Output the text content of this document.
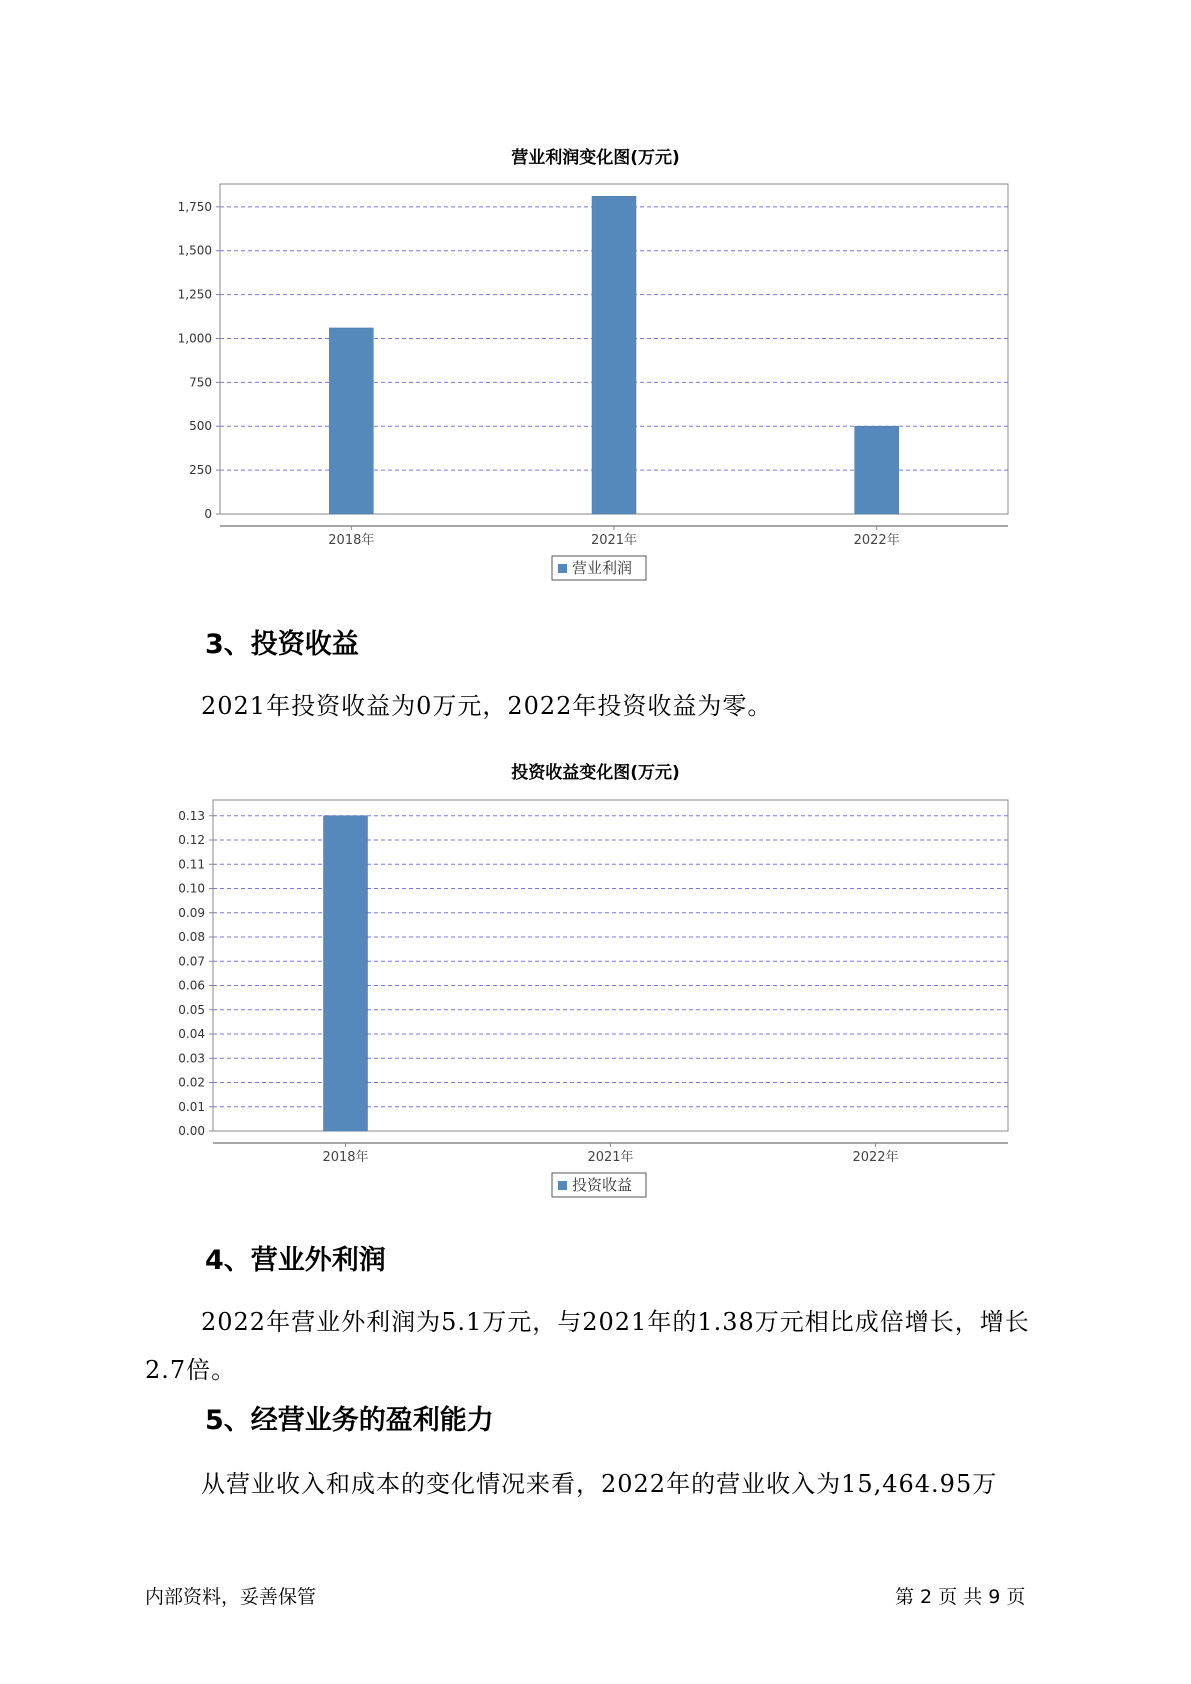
营业利润变化图(万元)
0
250
500
750
1,000
1,250
1,500
1,750
2018年	2021年	2022年
营业利润
3、投资收益

2021年投资收益为0万元，2022年投资收益为零。

投资收益变化图(万元)
0.00
0.01
0.02
0.03
0.04
0.05
0.06
0.07
0.08
0.09
0.10
0.11
0.12
0.13
2018年	2021年	2022年
投资收益
4、营业外利润

2022年营业外利润为5.1万元，与2021年的1.38万元相比成倍增长，增长2.7倍。

5、经营业务的盈利能力

从营业收入和成本的变化情况来看，2022年的营业收入为15,464.95万

内部资料，妥善保管	第 2 页 共 9 页
